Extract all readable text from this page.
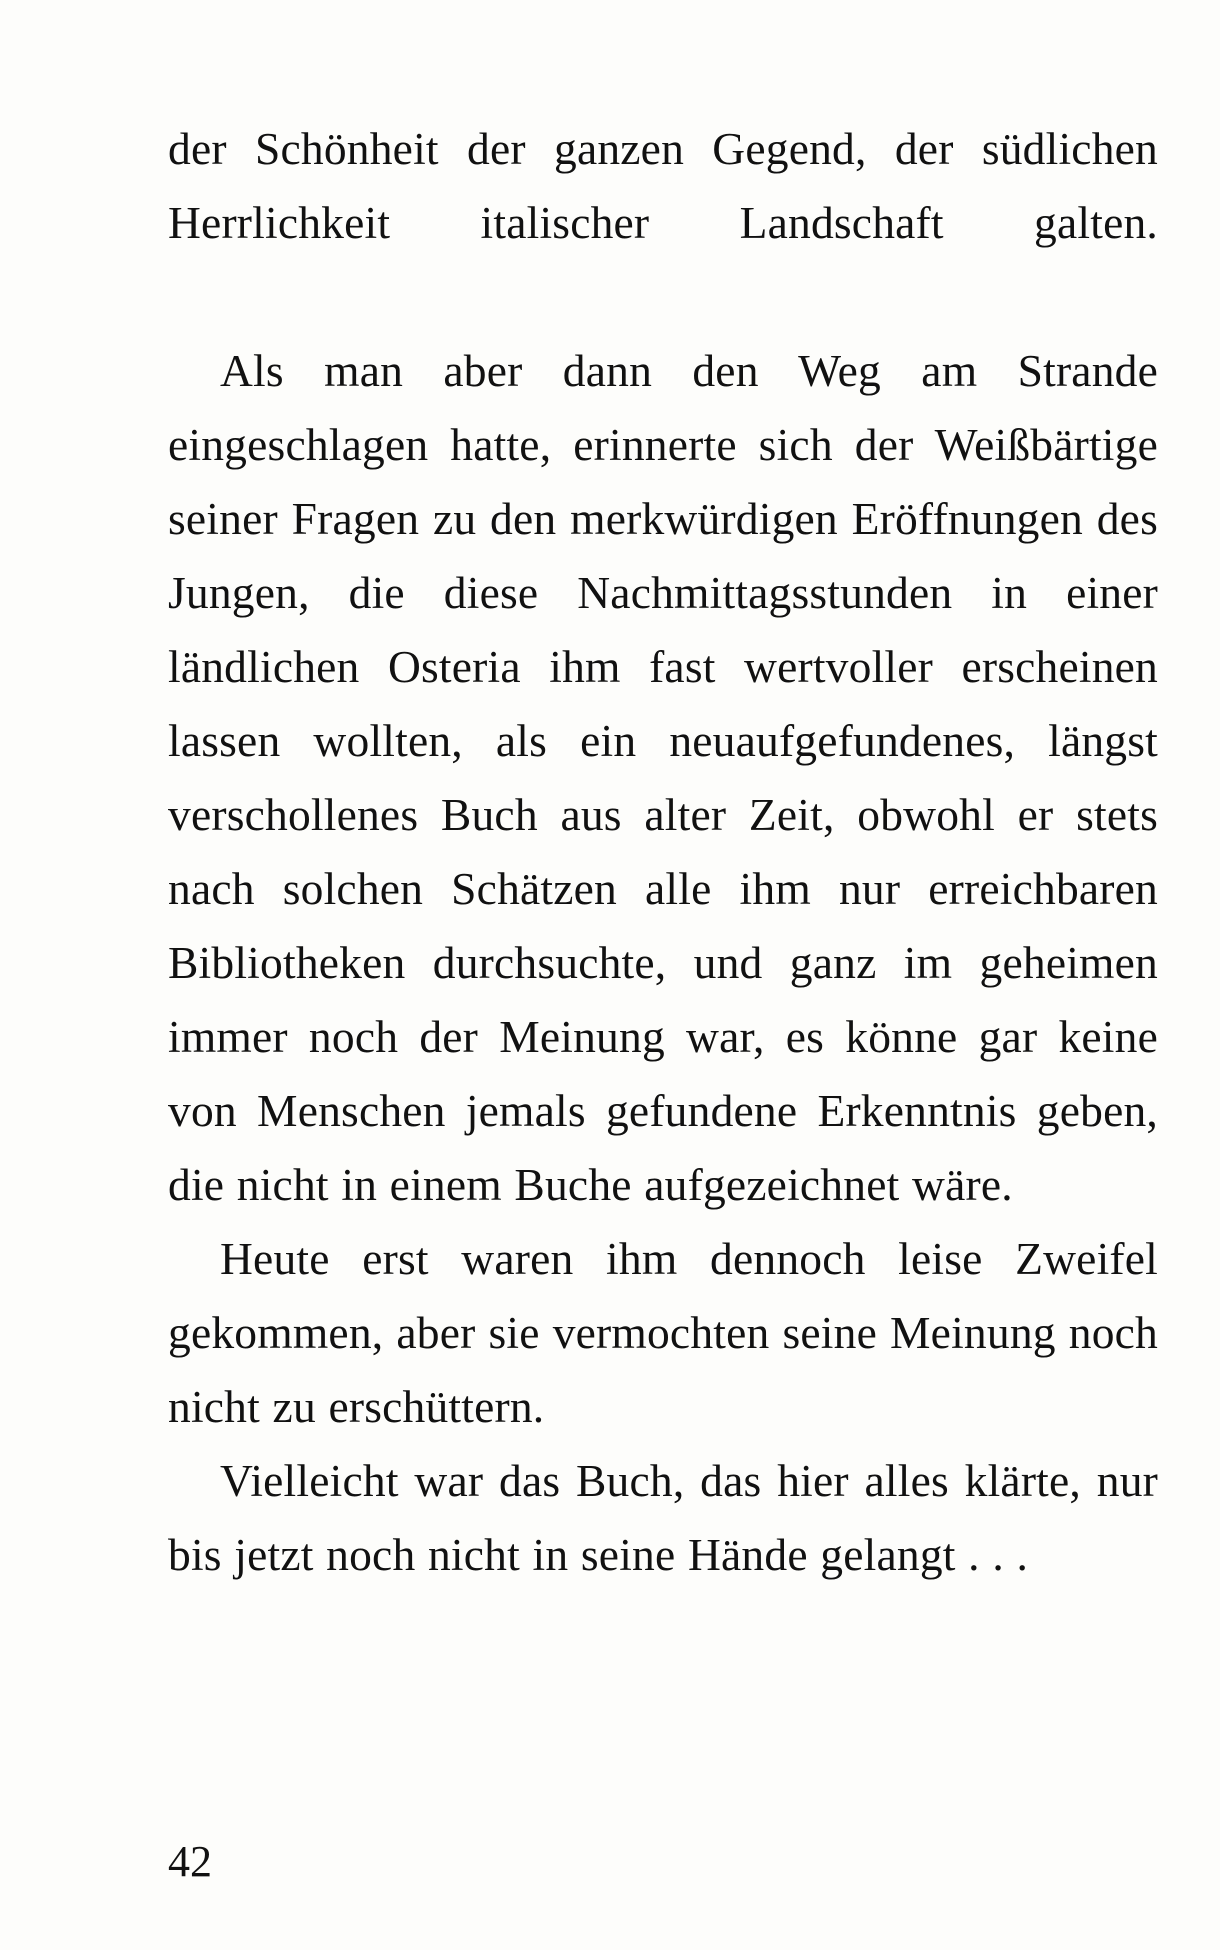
der Schönheit der ganzen Gegend, der südlichen Herrlichkeit italischer Landschaft galten.

Als man aber dann den Weg am Strande eingeschlagen hatte, erinnerte sich der Weißbärtige seiner Fragen zu den merkwürdigen Eröffnungen des Jungen, die diese Nachmittagsstunden in einer ländlichen Osteria ihm fast wertvoller erscheinen lassen wollten, als ein neuaufgefundenes, längst verschollenes Buch aus alter Zeit, obwohl er stets nach solchen Schätzen alle ihm nur erreichbaren Bibliotheken durchsuchte, und ganz im geheimen immer noch der Meinung war, es könne gar keine von Menschen jemals gefundene Erkenntnis geben, die nicht in einem Buche aufgezeichnet wäre.

Heute erst waren ihm dennoch leise Zweifel gekommen, aber sie vermochten seine Meinung noch nicht zu erschüttern.

Vielleicht war das Buch, das hier alles klärte, nur bis jetzt noch nicht in seine Hände gelangt . . .

42
